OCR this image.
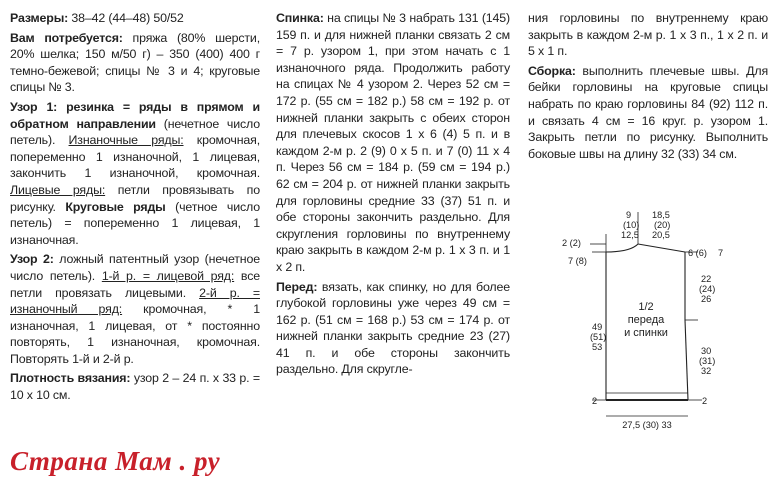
Размеры: 38–42 (44–48) 50/52

Вам потребуется: пряжа (80% шерсти, 20% шелка; 150 м/50 г) – 350 (400) 400 г темно-бежевой; спицы № 3 и 4; круговые спицы № 3.

Узор 1: резинка = ряды в прямом и обратном направлении (нечетное число петель). Изнаночные ряды: кромочная, попеременно 1 изнаночной, 1 лицевая, закончить 1 изнаночной, кромочная. Лицевые ряды: петли провязывать по рисунку. Круговые ряды (четное число петель) = попеременно 1 лицевая, 1 изнаночная.

Узор 2: ложный патентный узор (нечетное число петель). 1-й р. = лицевой ряд: все петли провязать лицевыми. 2-й р. = изнаночный ряд: кромочная, * 1 изнаночная, 1 лицевая, от * постоянно повторять, 1 изнаночная, кромочная. Повторять 1-й и 2-й р.

Плотность вязания: узор 2 – 24 п. х 33 р. = 10 х 10 см.

Спинка: на спицы № 3 набрать 131 (145) 159 п. и для нижней планки связать 2 см = 7 р. узором 1, при этом начать с 1 изнаночного ряда. Продолжить работу на спицах № 4 узором 2. Через 52 см = 172 р. (55 см = 182 р.) 58 см = 192 р. от нижней планки закрыть с обеих сторон для плечевых скосов 1 х 6 (4) 5 п. и в каждом 2-м р. 2 (9) 0 х 5 п. и 7 (0) 11 х 4 п. Через 56 см = 184 р. (59 см = 194 р.) 62 см = 204 р. от нижней планки закрыть для горловины средние 33 (37) 51 п. и обе стороны закончить раздельно. Для скругления горловины по внутреннему краю закрыть в каждом 2-м р. 1 х 3 п. и 1 х 2 п.

Перед: вязать, как спинку, но для более глубокой горловины уже через 49 см = 162 р. (51 см = 168 р.) 53 см = 174 р. от нижней планки закрыть средние 23 (27) 41 п. и обе стороны закончить раздельно. Для скругле-

ния горловины по внутреннему краю закрыть в каждом 2-м р. 1 х 3 п., 1 х 2 п. и 5 х 1 п.

Сборка: выполнить плечевые швы. Для бейки горловины на круговые спицы набрать по краю горловины 84 (92) 112 п. и связать 4 см = 16 круг. р. узором 1. Закрыть петли по рисунку. Выполнить боковые швы на длину 32 (33) 34 см.

9
(10)
12,5
18,5
(20)
20,5
2 (2)
7 (8)
6 (6) 7
22
(24)
26
49
(51)
53	30
(31)
32
1/2
переда
и спинки
2	2
27,5 (30) 33
Страна Мам . ру
